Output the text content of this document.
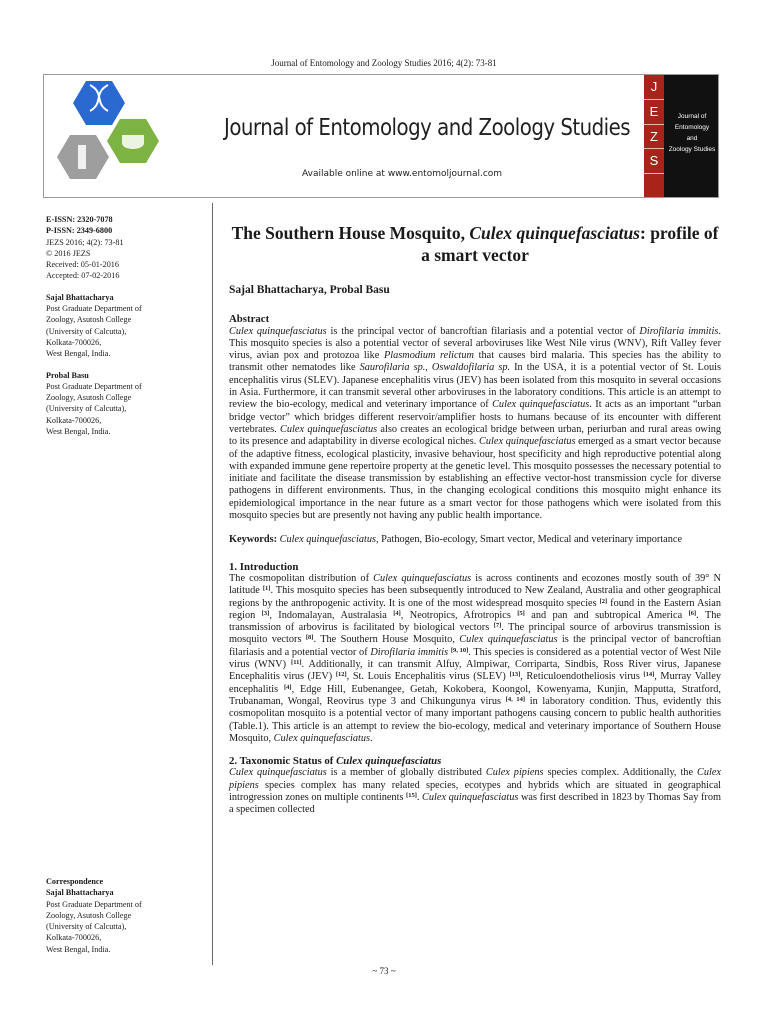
Journal of Entomology and Zoology Studies 2016; 4(2): 73-81
Journal of Entomology and Zoology Studies
Available online at www.entomoljournal.com
J
E
Z
S
Journal of
Entomology
and
Zoology Studies

E-ISSN: 2320-7078

P-ISSN: 2349-6800

JEZS 2016; 4(2): 73-81

© 2016 JEZS

Received: 05-01-2016

Accepted: 07-02-2016

Sajal Bhattacharya

Post Graduate Department of

Zoology, Asutosh College

(University of Calcutta),

Kolkata-700026,

West Bengal, India.

Probal Basu

Post Graduate Department of

Zoology, Asutosh College

(University of Calcutta),

Kolkata-700026,

West Bengal, India.

Correspondence

Sajal Bhattacharya

Post Graduate Department of

Zoology, Asutosh College

(University of Calcutta),

Kolkata-700026,

West Bengal, India.

The Southern House Mosquito, Culex quinquefasciatus: profile of a smart vector
Sajal Bhattacharya, Probal Basu

Abstract

Culex quinquefasciatus is the principal vector of bancroftian filariasis and a potential vector of Dirofilaria immitis. This mosquito species is also a potential vector of several arboviruses like West Nile virus (WNV), Rift Valley fever virus, avian pox and protozoa like Plasmodium relictum that causes bird malaria. This species has the ability to transmit other nematodes like Saurofilaria sp., Oswaldofilaria sp. In the USA, it is a potential vector of St. Louis encephalitis virus (SLEV). Japanese encephalitis virus (JEV) has been isolated from this mosquito in several occasions in Asia. Furthermore, it can transmit several other arboviruses in the laboratory conditions. This article is an attempt to review the bio-ecology, medical and veterinary importance of Culex quinquefasciatus. It acts as an important “urban bridge vector” which bridges different reservoir/amplifier hosts to humans because of its encounter with different vertebrates. Culex quinquefasciatus also creates an ecological bridge between urban, periurban and rural areas owing to its presence and adaptability in diverse ecological niches. Culex quinquefasciatus emerged as a smart vector because of the adaptive fitness, ecological plasticity, invasive behaviour, host specificity and high reproductive potential along with expanded immune gene repertoire property at the genetic level. This mosquito possesses the necessary potential to initiate and facilitate the disease transmission by establishing an effective vector-host transmission cycle for diverse pathogens in different environments. Thus, in the changing ecological conditions this mosquito might enhance its epidemiological importance in the near future as a smart vector for those pathogens which were isolated from this mosquito species but are presently not having any public health importance.

Keywords: Culex quinquefasciatus, Pathogen, Bio-ecology, Smart vector, Medical and veterinary importance

1. Introduction

The cosmopolitan distribution of Culex quinquefasciatus is across continents and ecozones mostly south of 39° N latitude [1]. This mosquito species has been subsequently introduced to New Zealand, Australia and other geographical regions by the anthropogenic activity. It is one of the most widespread mosquito species [2] found in the Eastern Asian region [3], Indomalayan, Australasia [4], Neotropics, Afrotropics [5] and pan and subtropical America [6]. The transmission of arbovirus is facilitated by biological vectors [7]. The principal source of arbovirus transmission is mosquito vectors [8]. The Southern House Mosquito, Culex quinquefasciatus is the principal vector of bancroftian filariasis and a potential vector of Dirofilaria immitis [9, 10]. This species is considered as a potential vector of West Nile virus (WNV) [11]. Additionally, it can transmit Alfuy, Almpiwar, Corriparta, Sindbis, Ross River virus, Japanese Encephalitis virus (JEV) [12], St. Louis Encephalitis virus (SLEV) [13], Reticuloendotheliosis virus [14], Murray Valley encephalitis [4], Edge Hill, Eubenangee, Getah, Kokobera, Koongol, Kowenyama, Kunjin, Mapputta, Stratford, Trubanaman, Wongal, Reovirus type 3 and Chikungunya virus [4, 14] in laboratory condition. Thus, evidently this cosmopolitan mosquito is a potential vector of many important pathogens causing concern to public health authorities (Table.1). This article is an attempt to review the bio-ecology, medical and veterinary importance of Southern House Mosquito, Culex quinquefasciatus.

2. Taxonomic Status of Culex quinquefasciatus

Culex quinquefasciatus is a member of globally distributed Culex pipiens species complex. Additionally, the Culex pipiens species complex has many related species, ecotypes and hybrids which are situated in geographical introgression zones on multiple continents [15]. Culex quinquefasciatus was first described in 1823 by Thomas Say from a specimen collected

~ 73 ~
